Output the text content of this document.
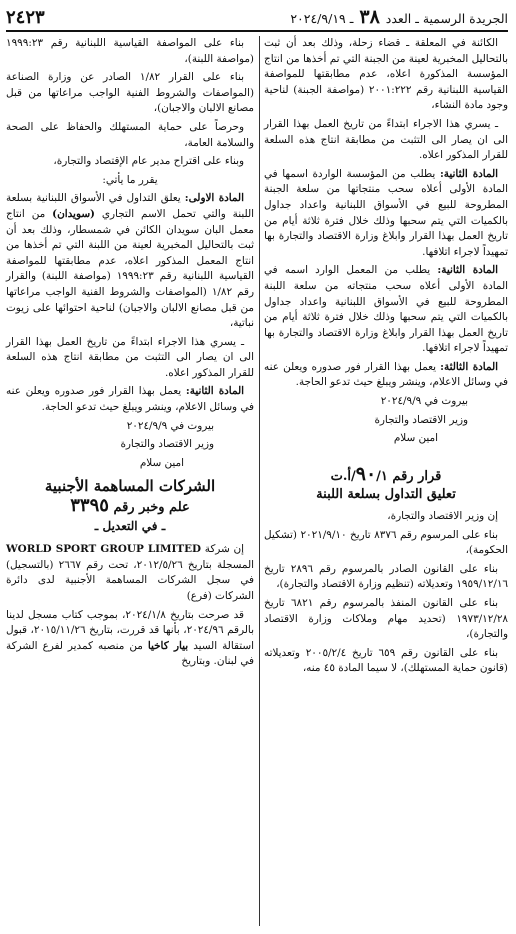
الجريدة الرسمية ـ العدد ٣٨ ـ ٢٠٢٤/٩/١٩
٢٤٢٣

الكائنة في المعلقة ـ قضاء زحلة، وذلك بعد أن ثبت بالتحاليل المخبرية لعينة من الجبنة التي تم أخذها من انتاج المؤسسة المذكورة اعلاه، عدم مطابقتها للمواصفة القياسية اللبنانية رقم ٢٠٠١:٢٢٢ (مواصفة الجبنة) لناحية وجود مادة النشاء،

ـ يسري هذا الاجراء ابتداءً من تاريخ العمل بهذا القرار الى ان يصار الى التثبت من مطابقة انتاج هذه السلعة للقرار المذكور اعلاه.

المادة الثانية: يطلب من المؤسسة الواردة اسمها في المادة الأولى أعلاه سحب منتجاتها من سلعة الجبنة المطروحة للبيع في الأسواق اللبنانية واعداد جداول بالكميات التي يتم سحبها وذلك خلال فترة ثلاثة أيام من تاريخ العمل بهذا القرار وابلاغ وزارة الاقتصاد والتجارة بها تمهيداً لاجراء اتلافها.

المادة الثانية: يطلب من المعمل الوارد اسمه في المادة الأولى أعلاه سحب منتجاته من سلعة اللبنة المطروحة للبيع في الأسواق اللبنانية واعداد جداول بالكميات التي يتم سحبها وذلك خلال فترة ثلاثة أيام من تاريخ العمل بهذا القرار وابلاغ وزارة الاقتصاد والتجارة بها تمهيداً لاجراء اتلافها.

المادة الثالثة: يعمل بهذا القرار فور صدوره ويعلن عنه في وسائل الاعلام، وينشر ويبلغ حيث تدعو الحاجة.

بيروت في ٢٠٢٤/٩/٩

وزير الاقتصاد والتجارة

امين سلام

قرار رقم ٩٠/١/أ.ت

تعليق التداول بسلعة اللبنة

إن وزير الاقتصاد والتجارة،

بناء على المرسوم رقم ٨٣٧٦ تاريخ ٢٠٢١/٩/١٠ (تشكيل الحكومة)،

بناء على القانون الصادر بالمرسوم رقم ٢٨٩٦ تاريخ ١٩٥٩/١٢/١٦ وتعديلاته (تنظيم وزارة الاقتصاد والتجارة)،

بناء على القانون المنفذ بالمرسوم رقم ٦٨٢١ تاريخ ١٩٧٣/١٢/٢٨ (تحديد مهام وملاكات وزارة الاقتصاد والتجارة)،

بناء على القانون رقم ٦٥٩ تاريخ ٢٠٠٥/٢/٤ وتعديلاته (قانون حماية المستهلك)، لا سيما المادة ٤٥ منه،

بناء على المواصفة القياسية اللبنانية رقم ١٩٩٩:٢٣ (مواصفة اللبنة)،

بناء على القرار ١/٨٢ الصادر عن وزارة الصناعة (المواصفات والشروط الفنية الواجب مراعاتها من قبل مصانع الالبان والاجبان)،

وحرصاً على حماية المستهلك والحفاظ على الصحة والسلامة العامة،

وبناء على اقتراح مدير عام الإقتصاد والتجارة،

يقرر ما يأتي:

المادة الاولى: يعلق التداول في الأسواق اللبنانية بسلعة اللبنة والتي تحمل الاسم التجاري (سويدان) من انتاج معمل البان سويدان الكائن في شمسطار، وذلك بعد أن ثبت بالتحاليل المخبرية لعينة من اللبنة التي تم أخذها من انتاج المعمل المذكور اعلاه، عدم مطابقتها للمواصفة القياسية اللبنانية رقم ١٩٩٩:٢٣ (مواصفة اللبنة) والقرار رقم ١/٨٢ (المواصفات والشروط الفنية الواجب مراعاتها من قبل مصانع الالبان والاجبان) لناحية احتوائها على زيوت نباتية،

ـ يسري هذا الاجراء ابتداءً من تاريخ العمل بهذا القرار الى ان يصار الى التثبت من مطابقة انتاج هذه السلعة للقرار المذكور اعلاه.

المادة الثانية: يعمل بهذا القرار فور صدوره ويعلن عنه في وسائل الاعلام، وينشر ويبلغ حيث تدعو الحاجة.

بيروت في ٢٠٢٤/٩/٩

وزير الاقتصاد والتجارة

امين سلام

الشركات المساهمة الأجنبية

علم وخبر رقم ٣٣٩٥

ـ في التعديل ـ

إن شركة WORLD SPORT GROUP LIMITED المسجلة بتاريخ ٢٠١٢/٥/٢٦، تحت رقم ٢٦٦٧ (بالتسجيل) في سجل الشركات المساهمة الأجنبية لدى دائرة الشركات (فرع)

قد صرحت بتاريخ ٢٠٢٤/١/٨، بموجب كتاب مسجل لدينا بالرقم ٢٠٢٤/٩٦، بأنها قد قررت، بتاريخ ٢٠١٥/١١/٢٦، قبول استقالة السيد بيار كاخيا من منصبه كمدير لفرع الشركة في لبنان. وبتاريخ
